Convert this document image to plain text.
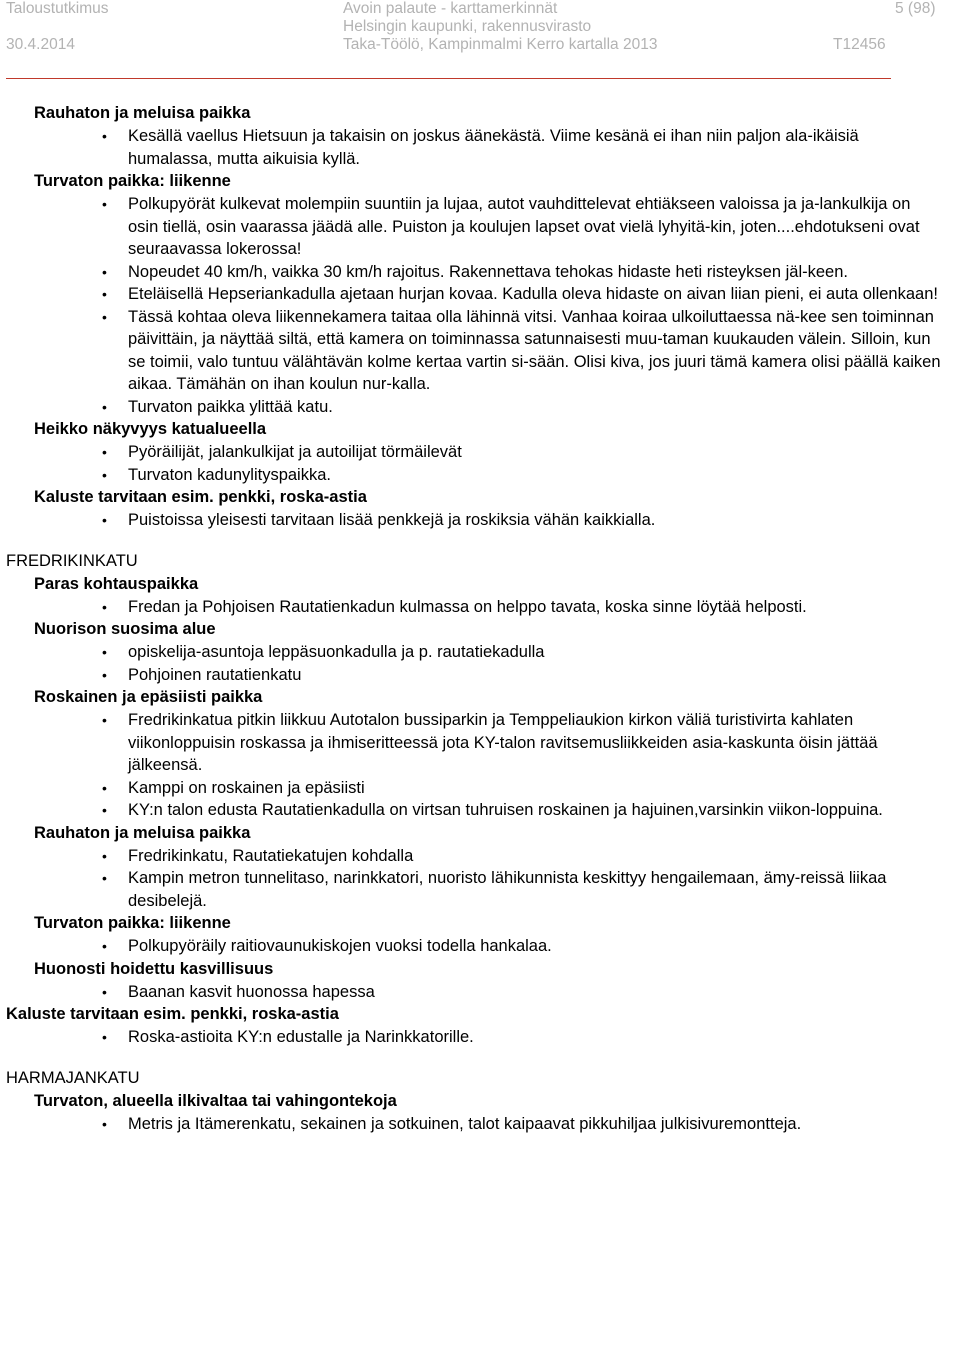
Taloustutkimus
30.4.2014
Avoin palaute - karttamerkinnät
Helsingin kaupunki, rakennusvirasto
Taka-Töölö, Kampinmalmi Kerro kartalla 2013
5 (98)
T12456
Rauhaton ja meluisa paikka
• Kesällä vaellus Hietsuun ja takaisin on joskus äänekästä. Viime kesänä ei ihan niin paljon ala-ikäisiä humalassa, mutta aikuisia kyllä.
Turvaton paikka: liikenne
• Polkupyörät kulkevat molempiin suuntiin ja lujaa, autot vauhdittelevat ehtiäkseen valoissa ja ja-lankulkija on osin tiellä, osin vaarassa jäädä alle. Puiston ja koulujen lapset ovat vielä lyhyitä-kin, joten....ehdotukseni ovat seuraavassa lokerossa!
• Nopeudet 40 km/h, vaikka 30 km/h rajoitus. Rakennettava tehokas hidaste heti risteyksen jäl-keen.
• Eteläisellä Hepseriankadulla ajetaan hurjan kovaa. Kadulla oleva hidaste on aivan liian pieni, ei auta ollenkaan!
• Tässä kohtaa oleva liikennekamera taitaa olla lähinnä vitsi. Vanhaa koiraa ulkoiluttaessa nä-kee sen toiminnan päivittäin, ja näyttää siltä, että kamera on toiminnassa satunnaisesti muu-taman kuukauden välein. Silloin, kun se toimii, valo tuntuu välähtävän kolme kertaa vartin si-sään. Olisi kiva, jos juuri tämä kamera olisi päällä kaiken aikaa. Tämähän on ihan koulun nur-kalla.
• Turvaton paikka ylittää katu.
Heikko näkyvyys katualueella
• Pyöräilijät, jalankulkijat ja autoilijat törmäilevät
• Turvaton kadunylityspaikka.
Kaluste tarvitaan esim. penkki, roska-astia
• Puistoissa yleisesti tarvitaan lisää penkkejä ja roskiksia vähän kaikkialla.
FREDRIKINKATU
Paras kohtauspaikka
• Fredan ja Pohjoisen Rautatienkadun kulmassa on helppo tavata, koska sinne löytää helposti.
Nuorison suosima alue
• opiskelija-asuntoja leppäsuonkadulla ja p. rautatiekadulla
• Pohjoinen rautatienkatu
Roskainen ja epäsiisti paikka
• Fredrikinkatua pitkin liikkuu Autotalon bussiparkin ja Temppeliaukion kirkon väliä turistivirta kahlaten viikonloppuisin roskassa ja ihmiseritteessä jota KY-talon ravitsemusliikkeiden asia-kaskunta öisin jättää jälkeensä.
• Kamppi on roskainen ja epäsiisti
• KY:n talon edusta Rautatienkadulla on virtsan tuhruisen roskainen ja hajuinen,varsinkin viikon-loppuina.
Rauhaton ja meluisa paikka
• Fredrikinkatu, Rautatiekatujen kohdalla
• Kampin metron tunnelitaso, narinkkatori, nuoristo lähikunnista keskittyy hengailemaan, ämy-reissä liikaa desibelejä.
Turvaton paikka: liikenne
• Polkupyöräily raitiovaunukiskojen vuoksi todella hankalaa.
Huonosti hoidettu kasvillisuus
• Baanan kasvit huonossa hapessa
Kaluste tarvitaan esim. penkki, roska-astia
• Roska-astioita KY:n edustalle ja Narinkkatorille.
HARMAJANKATU
Turvaton, alueella ilkivaltaa tai vahingontekoja
• Metris ja Itämerenkatu, sekainen ja sotkuinen, talot kaipaavat pikkuhiljaa julkisivuremontteja.
